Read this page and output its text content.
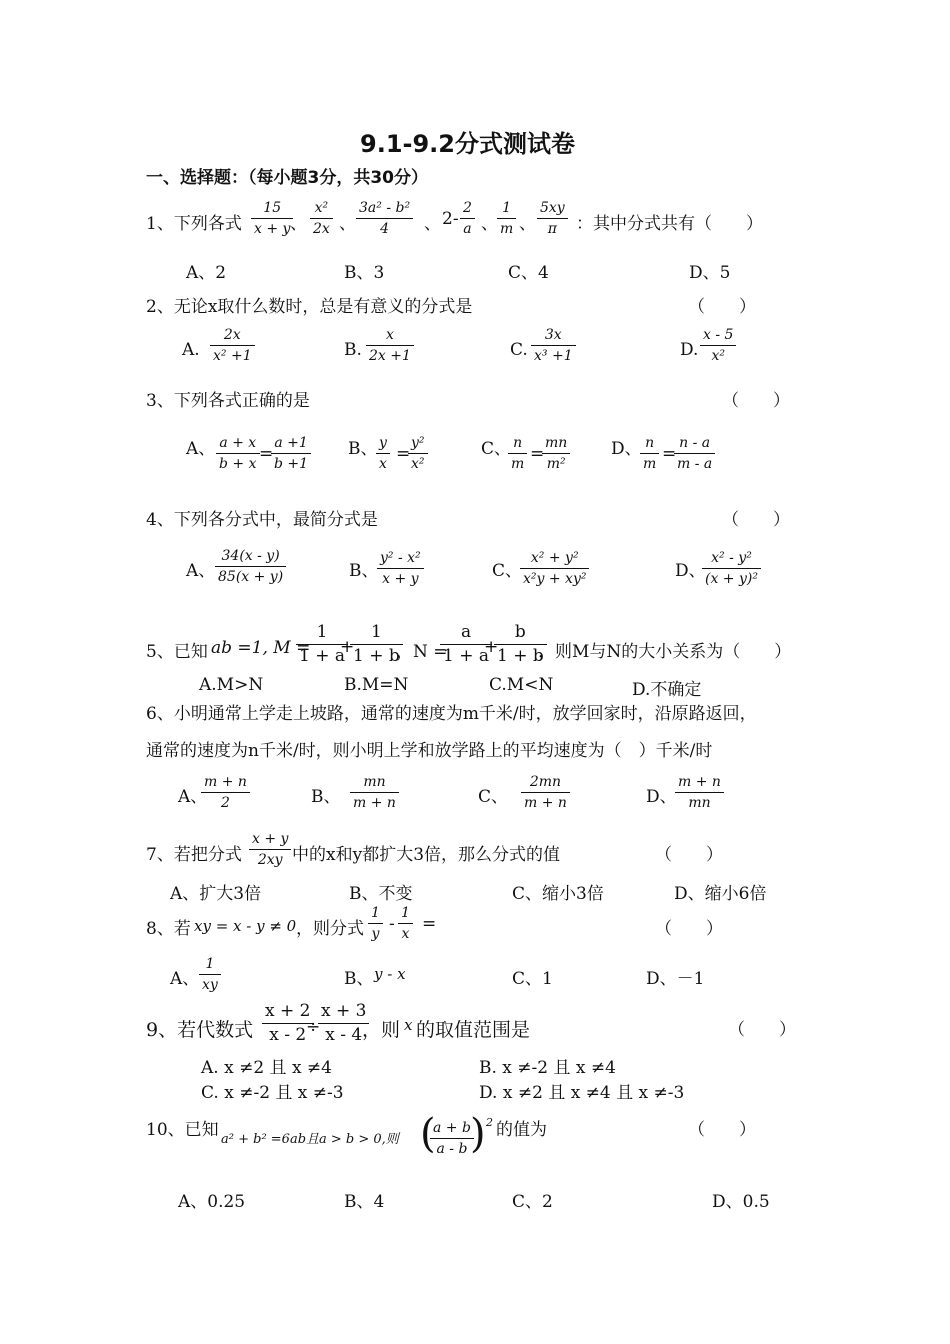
9.1-9.2分式测试卷
一、选择题：（每小题3分，共30分）
1、下列各式 $\frac{15}{x + y}$
、 $\frac{\text{x²}}{2x}$ 、 $\frac{\text{3a² - b²}}{4}$ 、 $2- \frac{2}{a}$ 、 $\frac{1}{m}$ 、 $\frac{5xy}{\pi}$ ：其中分式共有（　　）
A、2	B、3	C、4	D、5
2、无论x取什么数时，总是有意义的分式是	（　　）
A. $\frac{2x}{\text{x² +1}}$	B. $\frac{x}{2x +1}$	C. $\frac{3x}{\text{x³ +1}}$	D. $\frac{x - 5}{\text{x²}}$
3、下列各式正确的是	（　　）
A、 $\frac{a + x}{b + x}$ =
$\frac{a +1}{b +1}$ B、
$\frac{y}{x}$ =
$\frac{\text{y²}}{\text{x²}}$	C、
$\frac{n}{m}$ =
$\frac{mn}{\text{m²}}$ D、
$\frac{n}{m}$ =
$\frac{n - a}{m - a}$
4、下列各分式中，最简分式是	（　　）
A、 $\frac{34(x - y)}{85(x + y)}$	B、
$\frac{\text{y² - x²}}{x + y}$	C、
$\frac{\text{x² + y²}}{\text{x²y + xy²}}$	D、
$\frac{\text{x² - y²}}{\text{(x + y)²}}$
5、已知 ab =1, M =
$\frac{1}{1 + a}$
+
$\frac{1}{1 + b}$
，N =
$\frac{a}{1 + a}$
+
$\frac{b}{1 + b}$
，则M与N的大小关系为（　　）
A.M>N	B.M=N	C.M<N	D.不确定
6、小明通常上学走上坡路，通常的速度为m千米/时，放学回家时，沿原路返回，
通常的速度为n千米/时，则小明上学和放学路上的平均速度为（　）千米/时
A、
$\frac{m + n}{2}$	B、 $\frac{mn}{m + n}$	C、 $\frac{2mn}{m + n}$	D、
$\frac{m + n}{mn}$
7、若把分式 $\frac{x + y}{2xy}$ 中的x和y都扩大3倍，那么分式的值	（　　）
A、扩大3倍	B、不变	C、缩小3倍	D、缩小6倍
8、若 xy = x - y ≠ 0 ，则分式 $\frac{1}{y} - \frac{1}{x}$ =	（　　）
A、 $\frac{1}{xy}$	B、 y - x	C、1	D、－1
9、若代数式 $\frac{x + 2}{x - 2}$
÷
$\frac{x + 3}{x - 4}$
，则 x 的取值范围是	（　　）
A. x ≠2 且 x ≠4	B. x ≠-2 且 x ≠4
C. x ≠-2 且 x ≠-3	D. x ≠2 且 x ≠4 且 x ≠-3
10、已知 a² + b² =6ab且a > b > 0,则 (
$\frac{a + b}{a - b}$
) 2 的值为	（　　）
A、0.25	B、4	C、2	D、0.5
